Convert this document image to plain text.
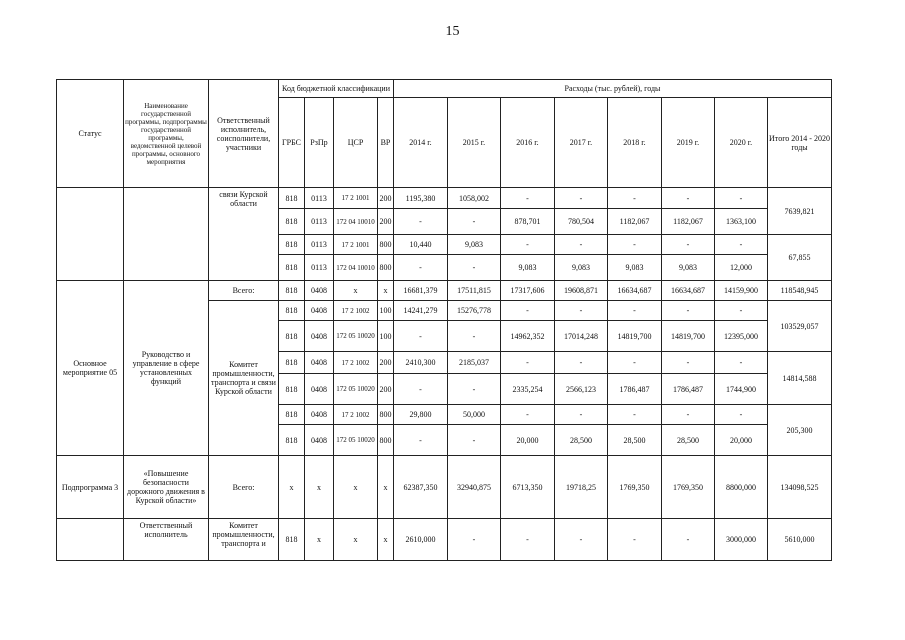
15
Статус	Наименование государственной программы, подпрограммы государственной программы, ведомственной целевой программы, основного мероприятия	Ответственный исполнитель, соисполнители, участники	Код бюджетной классификации				Расходы (тыс. рублей), годы							
			ГРБС	РзПр	ЦСР	ВР	2014 г.	2015 г.	2016 г.	2017 г.	2018 г.	2019 г.	2020 г.	Итого 2014 - 2020 годы
		связи Курской области	818	0113	17 2 1001	200	1195,380	1058,002	-	-	-	-	-	7639,821
			818	0113	172 04 10010	200	-	-	878,701	780,504	1182,067	1182,067	1363,100	
			818	0113	17 2 1001	800	10,440	9,083	-	-	-	-	-	67,855
			818	0113	172 04 10010	800	-	-	9,083	9,083	9,083	9,083	12,000	
Основное мероприятие 05	Руководство и управление в сфере установленных функций	Всего:	818	0408	x	x	16681,379	17511,815	17317,606	19608,871	16634,687	16634,687	14159,900	118548,945
		Комитет промышленности, транспорта и связи Курской области	818	0408	17 2 1002	100	14241,279	15276,778	-	-	-	-	-	103529,057
			818	0408	172 05 10020	100	-	-	14962,352	17014,248	14819,700	14819,700	12395,000	
			818	0408	17 2 1002	200	2410,300	2185,037	-	-	-	-	-	14814,588
			818	0408	172 05 10020	200	-	-	2335,254	2566,123	1786,487	1786,487	1744,900	
			818	0408	17 2 1002	800	29,800	50,000	-	-	-	-	-	205,300
			818	0408	172 05 10020	800	-	-	20,000	28,500	28,500	28,500	20,000	
Подпрограмма 3	«Повышение безопасности дорожного движения в Курской области»	Всего:	x	x	x	x	62387,350	32940,875	6713,350	19718,25	1769,350	1769,350	8800,000	134098,525
	Ответственный исполнитель	Комитет промышленности, транспорта и	818	x	x	x	2610,000	-	-	-	-	-	3000,000	5610,000
